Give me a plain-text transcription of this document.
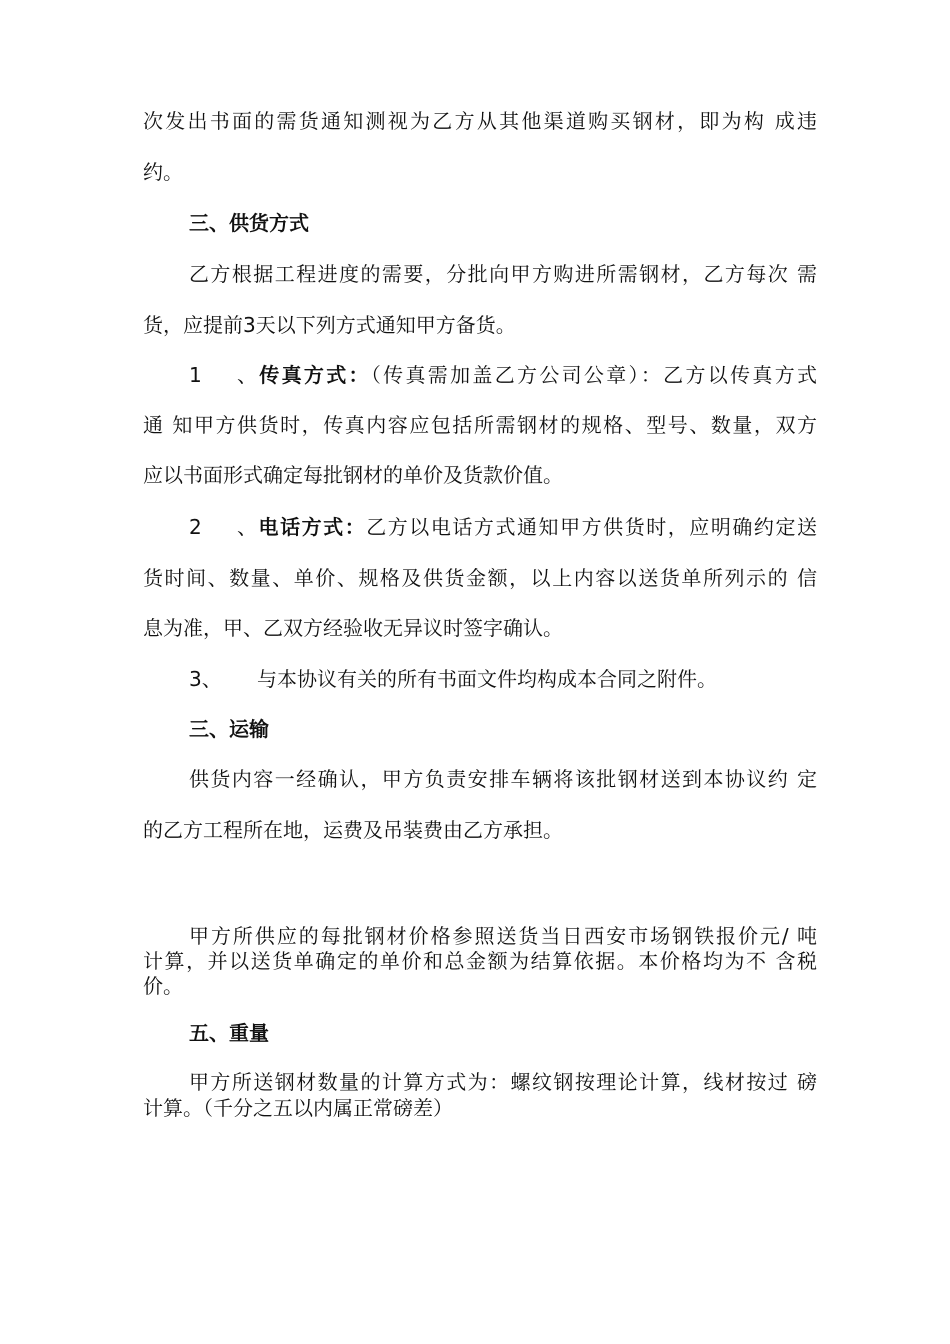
次发出书面的需货通知测视为乙方从其他渠道购买钢材，即为构 成违
约。
三、供货方式
乙方根据工程进度的需要，分批向甲方购进所需钢材，乙方每次 需
货，应提前3天以下列方式通知甲方备货。
1、传真方式：（传真需加盖乙方公司公章）：乙方以传真方式
通 知甲方供货时，传真内容应包括所需钢材的规格、型号、数量，双方
应以书面形式确定每批钢材的单价及货款价值。
2、电话方式：乙方以电话方式通知甲方供货时，应明确约定送
货时间、数量、单价、规格及供货金额，以上内容以送货单所列示的 信
息为准，甲、乙双方经验收无异议时签字确认。
3、 与本协议有关的所有书面文件均构成本合同之附件。
三、运输
供货内容一经确认，甲方负责安排车辆将该批钢材送到本协议约 定
的乙方工程所在地，运费及吊装费由乙方承担。
甲方所供应的每批钢材价格参照送货当日西安市场钢铁报价元/ 吨
计算，并以送货单确定的单价和总金额为结算依据。本价格均为不 含税
价。
五、重量
甲方所送钢材数量的计算方式为：螺纹钢按理论计算，线材按过 磅
计算。（千分之五以内属正常磅差）
